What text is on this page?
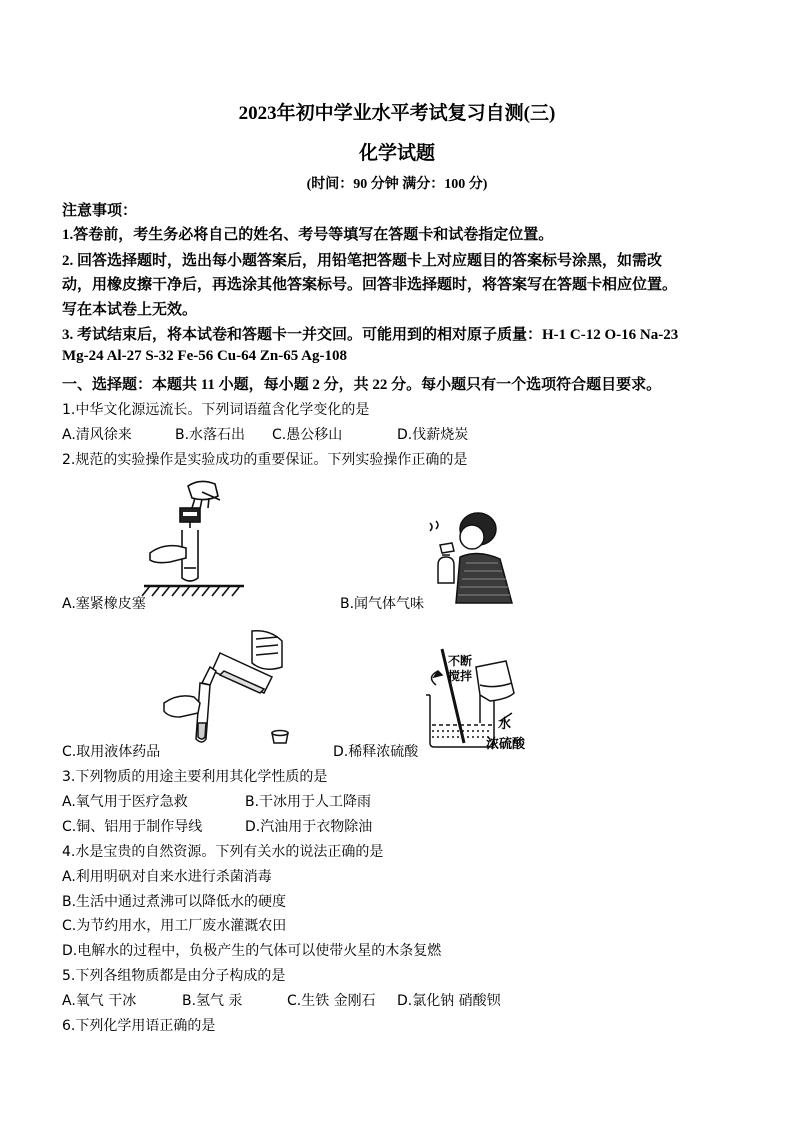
2023年初中学业水平考试复习自测(三)
化学试题
(时间：90 分钟 满分：100 分)
注意事项：
1.答卷前，考生务必将自己的姓名、考号等填写在答题卡和试卷指定位置。
2. 回答选择题时，选出每小题答案后，用铅笔把答题卡上对应题目的答案标号涂黑，如需改
动，用橡皮擦干净后，再选涂其他答案标号。回答非选择题时，将答案写在答题卡相应位置。
写在本试卷上无效。
3. 考试结束后，将本试卷和答题卡一并交回。可能用到的相对原子质量：H-1 C-12 O-16 Na-23
Mg-24 Al-27 S-32 Fe-56 Cu-64 Zn-65 Ag-108
一、选择题：本题共 11 小题，每小题 2 分，共 22 分。每小题只有一个选项符合题目要求。
1.中华文化源远流长。下列词语蕴含化学变化的是
A.清风徐来	B.水落石出 C.愚公移山	D.伐薪烧炭
2.规范的实验操作是实验成功的重要保证。下列实验操作正确的是
A.塞紧橡皮塞	B.闻气体气味
C.取用液体药品
不断
搅拌
水
浓硫酸
D.稀释浓硫酸
3.下列物质的用途主要利用其化学性质的是
A.氧气用于医疗急救	B.干冰用于人工降雨
C.铜、铝用于制作导线	D.汽油用于衣物除油
4.水是宝贵的自然资源。下列有关水的说法正确的是
A.利用明矾对自来水进行杀菌消毒
B.生活中通过煮沸可以降低水的硬度
C.为节约用水，用工厂废水灌溉农田
D.电解水的过程中，负极产生的气体可以使带火星的木条复燃
5.下列各组物质都是由分子构成的是
A.氧气 干冰	B.氢气 汞	C.生铁 金刚石 D.氯化钠 硝酸钡
6.下列化学用语正确的是
